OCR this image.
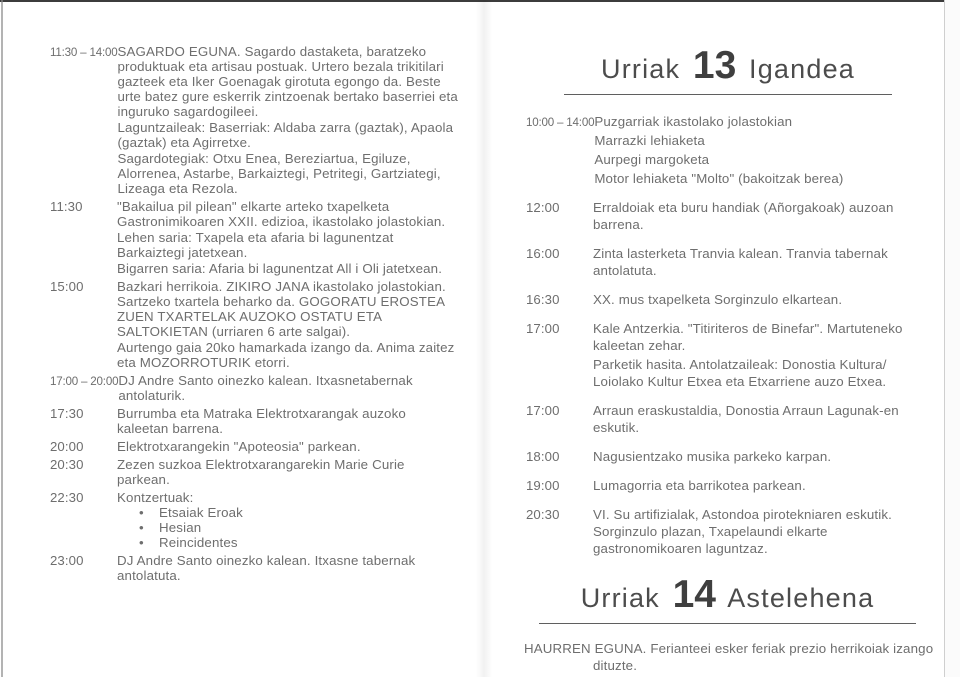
11:30 – 14:00 SAGARDO EGUNA. Sagardo dastaketa, baratzeko produktuak eta artisau postuak. Urtero bezala trikitilari gazteek eta Iker Goenagak girotuta egongo da. Beste urte batez gure eskerrik zintzoenak bertako baserriei eta inguruko sagardogileei.
Laguntzaileak: Baserriak: Aldaba zarra (gaztak), Apaola (gaztak) eta Agirretxe.
Sagardotegiak: Otxu Enea, Bereziartua, Egiluze, Alorrenea, Astarbe, Barkaiztegi, Petritegi, Gartziategi, Lizeaga eta Rezola.
11:30	"Bakailua pil pilean" elkarte arteko txapelketa Gastronimikoaren XXII. edizioa, ikastolako jolastokian.
Lehen saria: Txapela eta afaria bi lagunentzat Barkaiztegi jatetxean.
Bigarren saria: Afaria bi lagunentzat All i Oli jatetxean.
15:00	Bazkari herrikoia. ZIKIRO JANA ikastolako jolastokian. Sartzeko txartela beharko da. GOGORATU EROSTEA ZUEN TXARTELAK AUZOKO OSTATU ETA SALTOKIETAN (urriaren 6 arte salgai).
Aurtengo gaia 20ko hamarkada izango da. Anima zaitez eta MOZORROTURIK etorri.
17:00 – 20:00 DJ Andre Santo oinezko kalean. Itxasnetabernak antolaturik.
17:30	Burrumba eta Matraka Elektrotxarangak auzoko kaleetan barrena.
20:00	Elektrotxarangekin "Apoteosia" parkean.
20:30	Zezen suzkoa Elektrotxarangarekin Marie Curie parkean.
22:30	Kontzertuak:
•	Etsaiak Eroak
•	Hesian
•	Reincidentes
23:00	DJ Andre Santo oinezko kalean. Itxasne tabernak antolatuta.
Urriak 13 Igandea
10:00 – 14:00 Puzgarriak ikastolako jolastokian
Marrazki lehiaketa
Aurpegi margoketa
Motor lehiaketa "Molto" (bakoitzak berea)
12:00	Erraldoiak eta buru handiak (Añorgakoak) auzoan barrena.
16:00	Zinta lasterketa Tranvia kalean. Tranvia tabernak antolatuta.
16:30	XX. mus txapelketa Sorginzulo elkartean.
17:00	Kale Antzerkia. "Titiriteros de Binefar". Martuteneko kaleetan zehar.
Parketik hasita. Antolatzaileak: Donostia Kultura/ Loiolako Kultur Etxea eta Etxarriene auzo Etxea.
17:00	Arraun eraskustaldia, Donostia Arraun Lagunak-en eskutik.
18:00	Nagusientzako musika parkeko karpan.
19:00	Lumagorria eta barrikotea parkean.
20:30	VI. Su artifizialak, Astondoa pirotekniaren eskutik. Sorginzulo plazan, Txapelaundi elkarte gastronomikoaren laguntzaz.
Urriak 14 Astelehena
HAURREN EGUNA. Ferianteei esker feriak prezio herrikoiak izango dituzte.
